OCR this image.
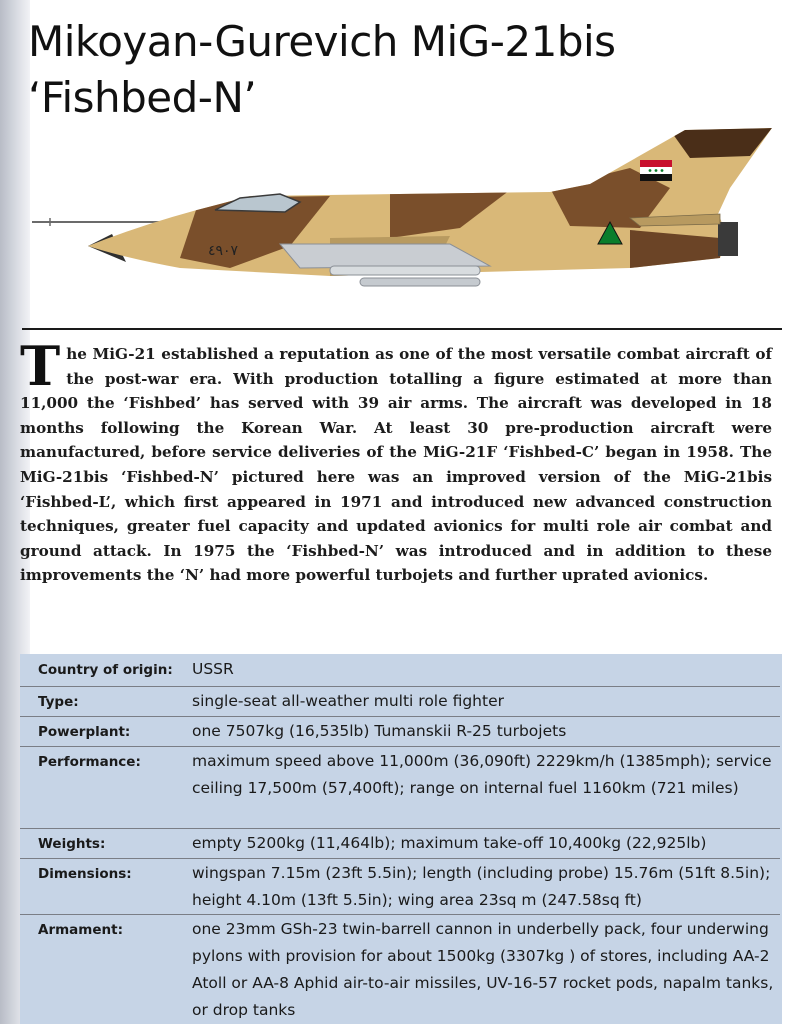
Mikoyan-Gurevich MiG-21bis
‘Fishbed-N’
٤٩٠٧

The MiG-21 established a reputation as one of the most versatile combat aircraft of the post-war era. With production totalling a figure estimated at more than 11,000 the ‘Fishbed’ has served with 39 air arms. The aircraft was developed in 18 months following the Korean War. At least 30 pre-production aircraft were manufactured, before service deliveries of the MiG-21F ‘Fishbed-C’ began in 1958. The MiG-21bis ‘Fishbed-N’ pictured here was an improved version of the MiG-21bis ‘Fishbed-L’, which first appeared in 1971 and introduced new advanced construction techniques, greater fuel capacity and updated avionics for multi role air combat and ground attack. In 1975 the ‘Fishbed-N’ was introduced and in addition to these improvements the ‘N’ had more powerful turbojets and further uprated avionics.

Country of origin:	USSR
Type:	single-seat all-weather multi role fighter
Powerplant:	one 7507kg (16,535lb) Tumanskii R-25 turbojets
Performance:	maximum speed above 11,000m (36,090ft) 2229km/h (1385mph); service ceiling 17,500m (57,400ft); range on internal fuel 1160km (721 miles)
Weights:	empty 5200kg (11,464lb); maximum take-off 10,400kg (22,925lb)
Dimensions:	wingspan 7.15m (23ft 5.5in); length (including probe) 15.76m (51ft 8.5in); height 4.10m (13ft 5.5in); wing area 23sq m (247.58sq ft)
Armament:	one 23mm GSh-23 twin-barrell cannon in underbelly pack, four underwing pylons with provision for about 1500kg (3307kg ) of stores, including AA-2 Atoll or AA-8 Aphid air-to-air missiles, UV-16-57 rocket pods, napalm tanks, or drop tanks
